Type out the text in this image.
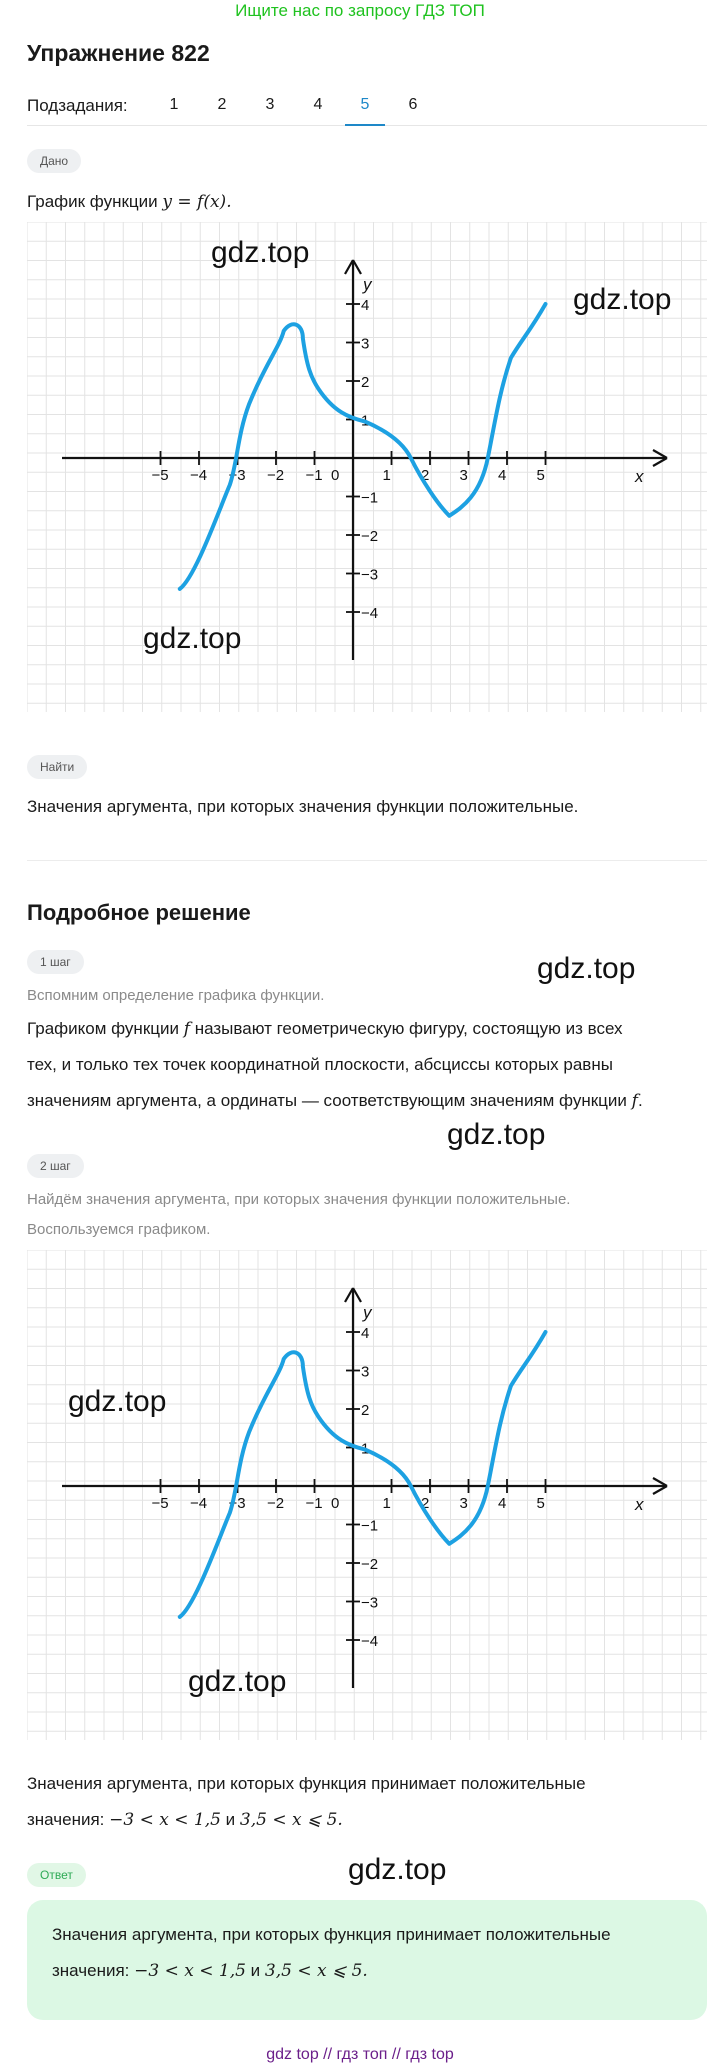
Ищите нас по запросу ГДЗ ТОП
Упражнение 822
Подзадания:	1	2	3	4	5	6
Дано
График функции y = f(x).
x
y
−5 −4 −3 −2 −1 0	1 2 3 4 5
4
3
2
1
−1
−2
−3
−4
gdz.top
gdz.top
gdz.top
Найти
Значения аргумента, при которых значения функции положительные.
Подробное решение
1 шаг
Вспомним определение графика функции.
gdz.top
Графиком функции f называют геометрическую фигуру, состоящую из всех
тех, и только тех точек координатной плоскости, абсциссы которых равны
значениям аргумента, а ординаты — соответствующим значениям функции f.
gdz.top
2 шаг
Найдём значения аргумента, при которых значения функции положительные.
Воспользуемся графиком.
x
y
−5 −4 −3 −2 −1 0	1 2 3 4 5
4
3
2
1
−1
−2
−3
−4
gdz.top
gdz.top
Значения аргумента, при которых функция принимает положительные
значения: −3 < x < 1,5 и 3,5 < x ⩽ 5.
Ответ	gdz.top
Значения аргумента, при которых функция принимает положительные
значения: −3 < x < 1,5 и 3,5 < x ⩽ 5.
gdz top // гдз топ // гдз top
